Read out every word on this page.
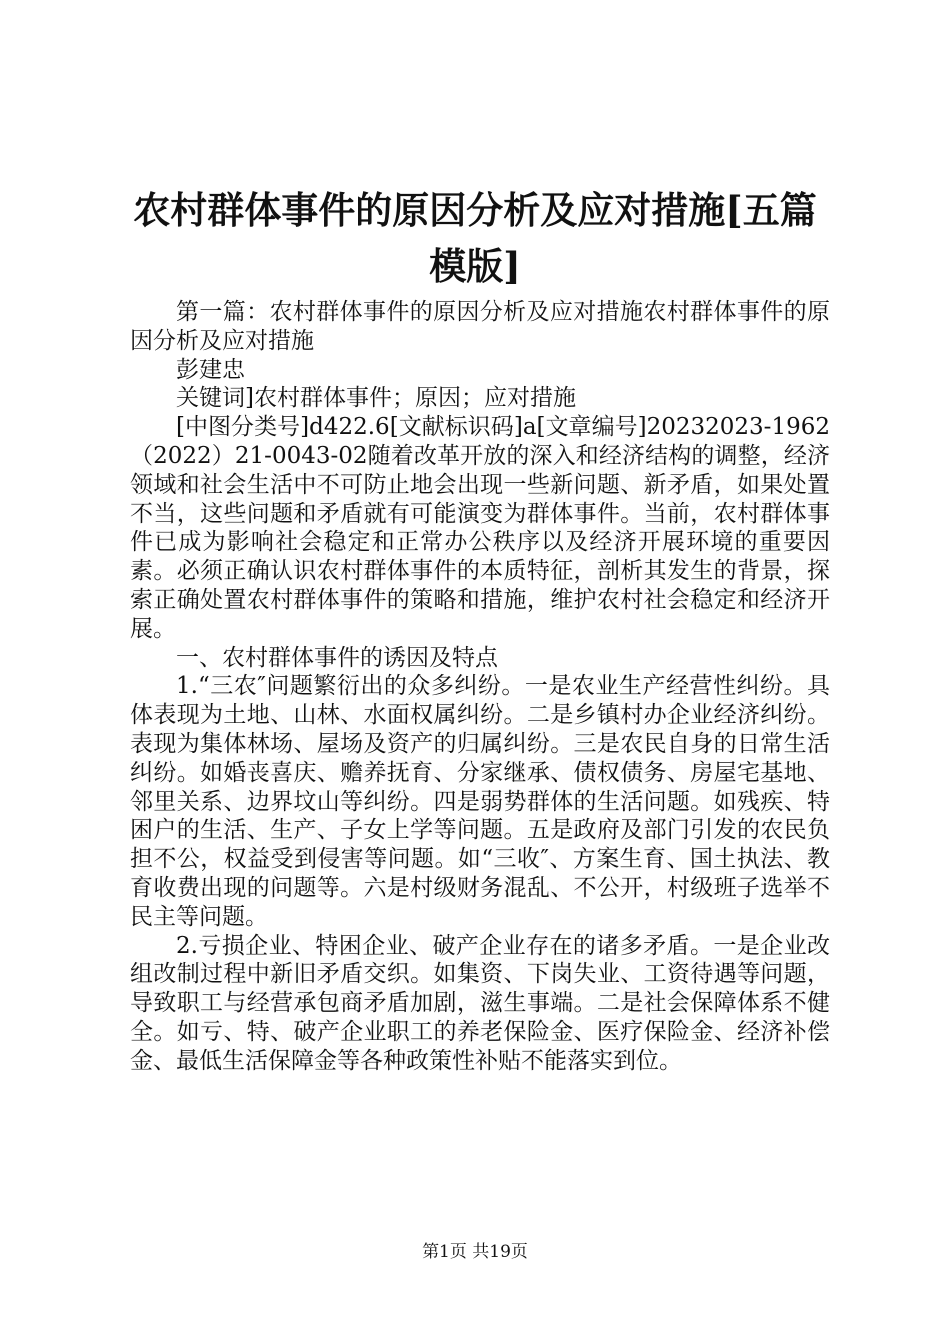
农村群体事件的原因分析及应对措施[五篇模版]

第一篇：农村群体事件的原因分析及应对措施农村群体事件的原因分析及应对措施

彭建忠

关键词]农村群体事件；原因；应对措施

[中图分类号]d422.6[文献标识码]a[文章编号]20232023-1962（2022）21-0043-02随着改革开放的深入和经济结构的调整，经济领域和社会生活中不可防止地会出现一些新问题、新矛盾，如果处置不当，这些问题和矛盾就有可能演变为群体事件。当前，农村群体事件已成为影响社会稳定和正常办公秩序以及经济开展环境的重要因素。必须正确认识农村群体事件的本质特征，剖析其发生的背景，探索正确处置农村群体事件的策略和措施，维护农村社会稳定和经济开展。

一、农村群体事件的诱因及特点

1.“三农″问题繁衍出的众多纠纷。一是农业生产经营性纠纷。具体表现为土地、山林、水面权属纠纷。二是乡镇村办企业经济纠纷。表现为集体林场、屋场及资产的归属纠纷。三是农民自身的日常生活纠纷。如婚丧喜庆、赡养抚育、分家继承、债权债务、房屋宅基地、邻里关系、边界坟山等纠纷。四是弱势群体的生活问题。如残疾、特困户的生活、生产、子女上学等问题。五是政府及部门引发的农民负担不公，权益受到侵害等问题。如“三收″、方案生育、国土执法、教育收费出现的问题等。六是村级财务混乱、不公开，村级班子选举不民主等问题。

2.亏损企业、特困企业、破产企业存在的诸多矛盾。一是企业改组改制过程中新旧矛盾交织。如集资、下岗失业、工资待遇等问题，导致职工与经营承包商矛盾加剧，滋生事端。二是社会保障体系不健全。如亏、特、破产企业职工的养老保险金、医疗保险金、经济补偿金、最低生活保障金等各种政策性补贴不能落实到位。

第1页 共19页
